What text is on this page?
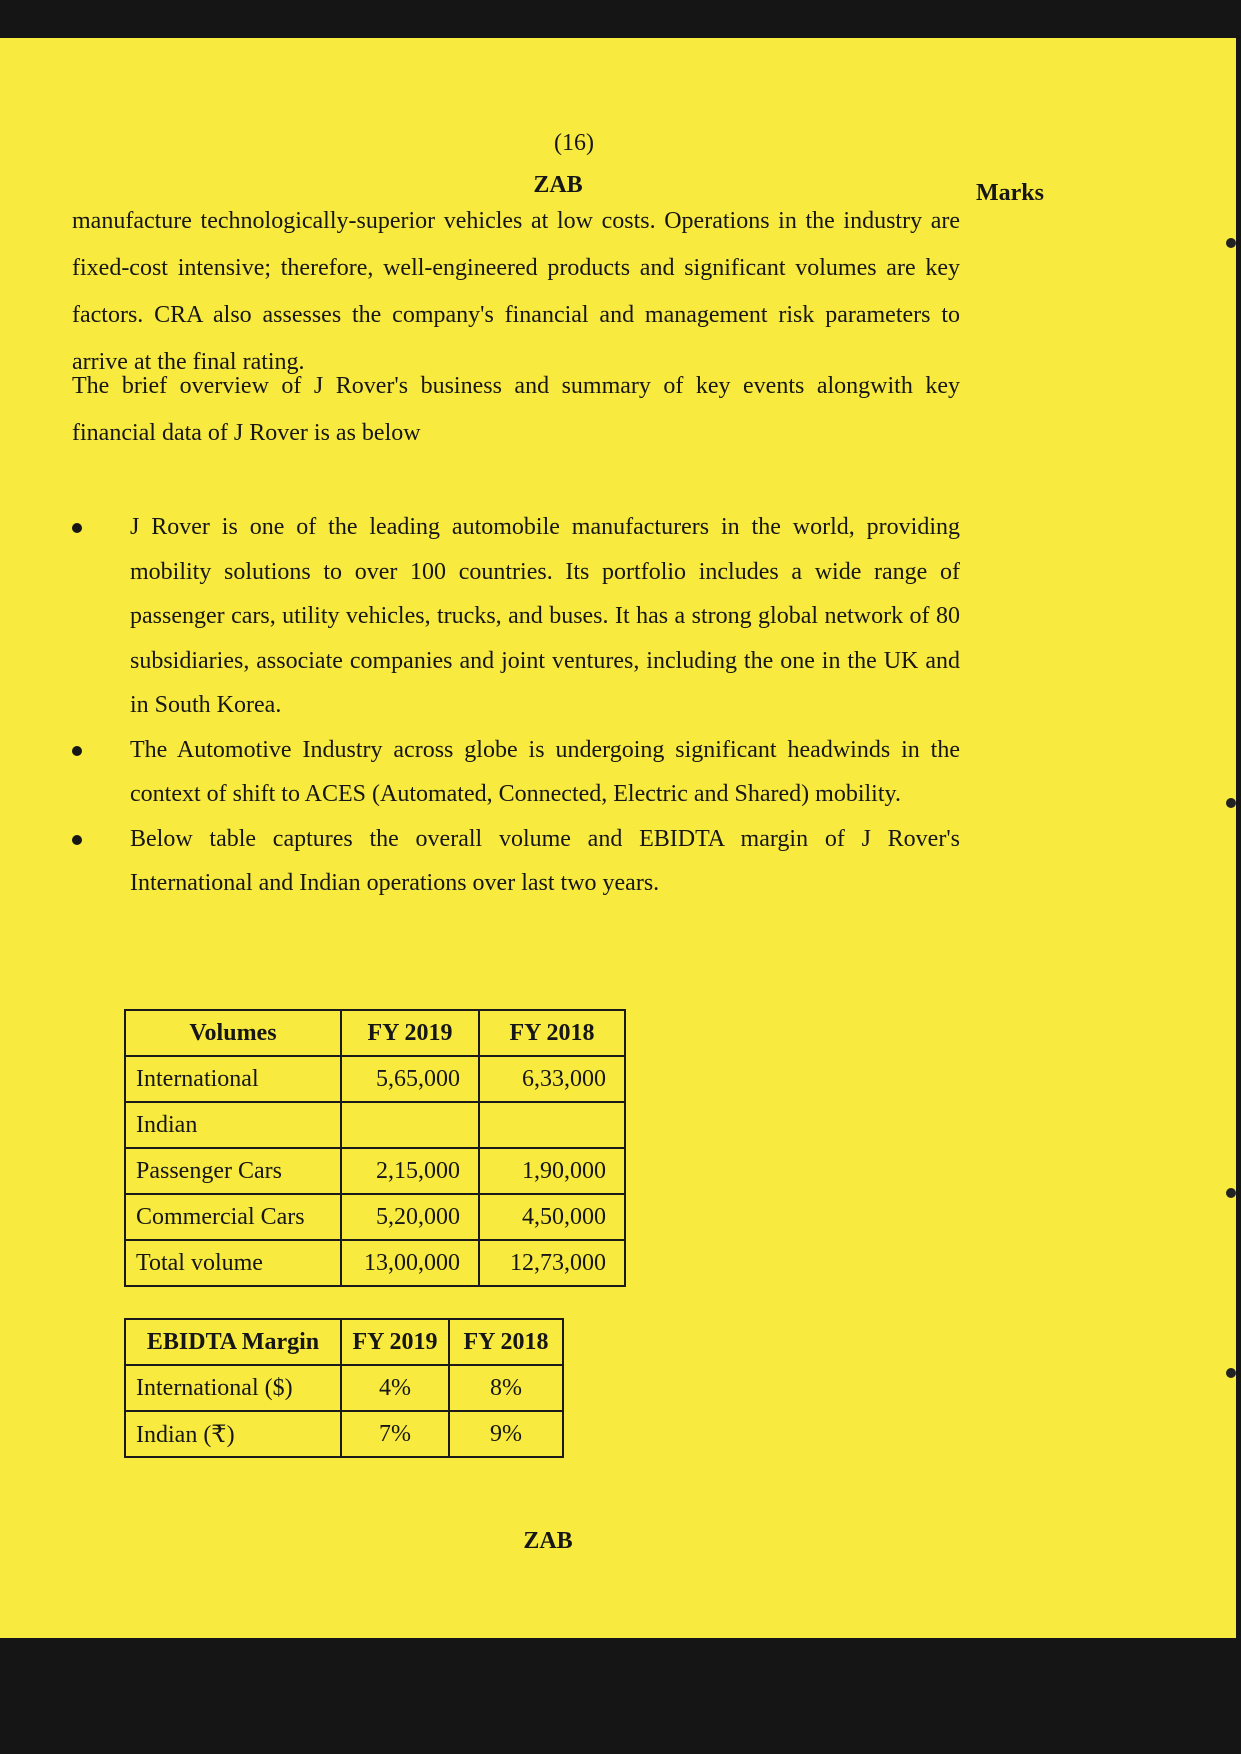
(16)
ZAB	Marks
manufacture technologically-superior vehicles at low costs. Operations in the industry are fixed-cost intensive; therefore, well-engineered products and significant volumes are key factors. CRA also assesses the company's financial and management risk parameters to arrive at the final rating.
The brief overview of J Rover's business and summary of key events alongwith key financial data of J Rover is as below
J Rover is one of the leading automobile manufacturers in the world, providing mobility solutions to over 100 countries. Its portfolio includes a wide range of passenger cars, utility vehicles, trucks, and buses. It has a strong global network of 80 subsidiaries, associate companies and joint ventures, including the one in the UK and in South Korea.
The Automotive Industry across globe is undergoing significant headwinds in the context of shift to ACES (Automated, Connected, Electric and Shared) mobility.
Below table captures the overall volume and EBIDTA margin of J Rover's International and Indian operations over last two years.
Volumes	FY 2019	FY 2018
International	5,65,000	6,33,000
Indian		
Passenger Cars	2,15,000	1,90,000
Commercial Cars	5,20,000	4,50,000
Total volume	13,00,000	12,73,000
EBIDTA Margin	FY 2019	FY 2018
International ($)	4%	8%
Indian (₹)	7%	9%
ZAB
